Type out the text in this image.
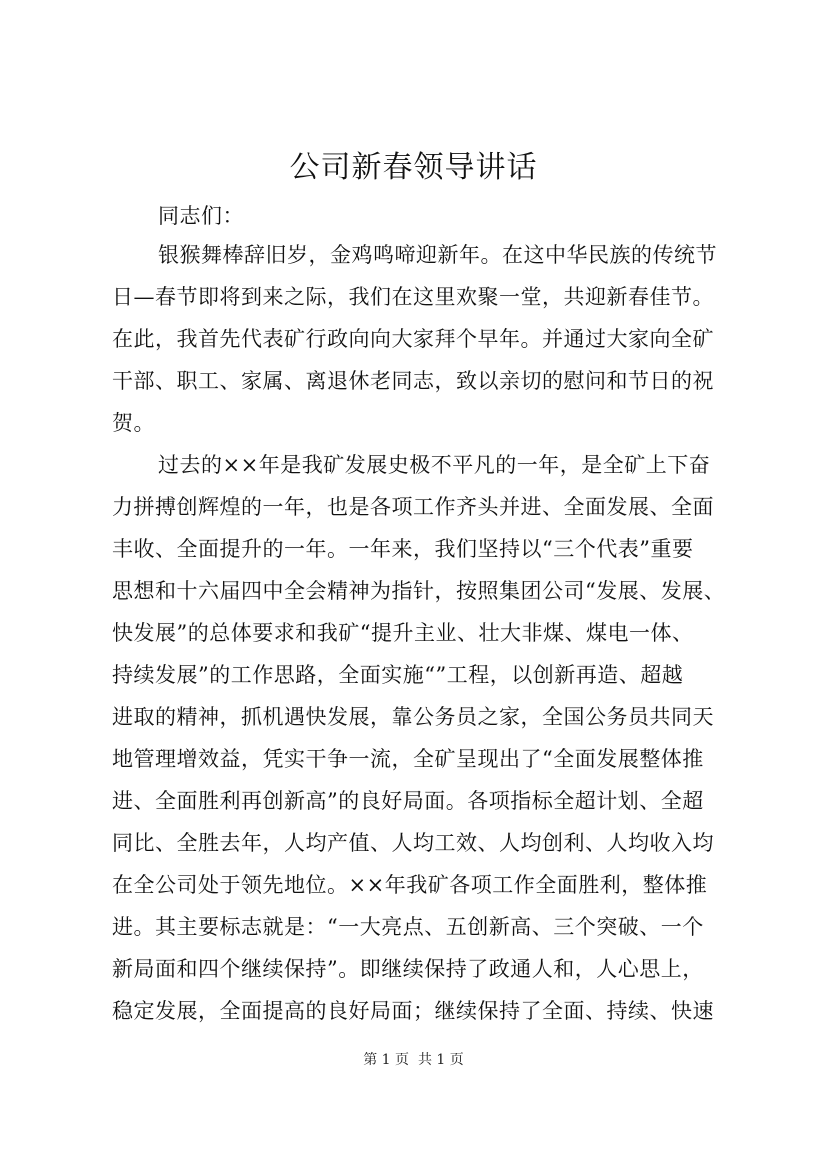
公司新春领导讲话
同志们：
银猴舞棒辞旧岁，金鸡鸣啼迎新年。在这中华民族的传统节
日—春节即将到来之际，我们在这里欢聚一堂，共迎新春佳节。
在此，我首先代表矿行政向向大家拜个早年。并通过大家向全矿
干部、职工、家属、离退休老同志，致以亲切的慰问和节日的祝
贺。
过去的××年是我矿发展史极不平凡的一年，是全矿上下奋
力拼搏创辉煌的一年，也是各项工作齐头并进、全面发展、全面
丰收、全面提升的一年。一年来，我们坚持以“三个代表”重要
思想和十六届四中全会精神为指针，按照集团公司“发展、发展、
快发展”的总体要求和我矿“提升主业、壮大非煤、煤电一体、
持续发展”的工作思路，全面实施“”工程，以创新再造、超越
进取的精神，抓机遇快发展，靠公务员之家，全国公务员共同天
地管理增效益，凭实干争一流，全矿呈现出了“全面发展整体推
进、全面胜利再创新高”的良好局面。各项指标全超计划、全超
同比、全胜去年，人均产值、人均工效、人均创利、人均收入均
在全公司处于领先地位。××年我矿各项工作全面胜利，整体推
进。其主要标志就是：“一大亮点、五创新高、三个突破、一个
新局面和四个继续保持”。即继续保持了政通人和，人心思上，
稳定发展，全面提高的良好局面；继续保持了全面、持续、快速
第 1 页  共 1 页
